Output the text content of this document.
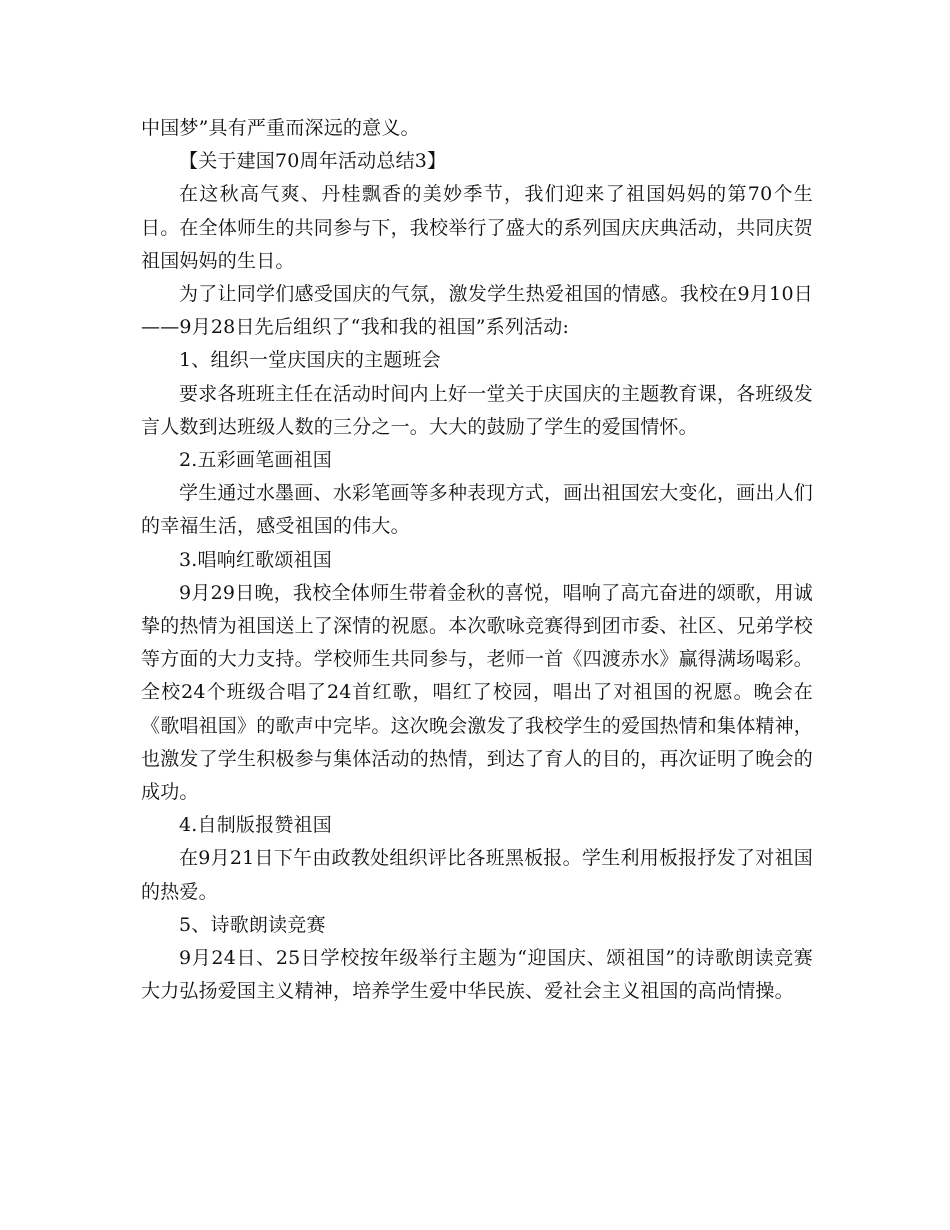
中国梦”具有严重而深远的意义。

【关于建国70周年活动总结3】

在这秋高气爽、丹桂飘香的美妙季节，我们迎来了祖国妈妈的第70个生日。在全体师生的共同参与下，我校举行了盛大的系列国庆庆典活动，共同庆贺祖国妈妈的生日。

为了让同学们感受国庆的气氛，激发学生热爱祖国的情感。我校在9月10日——9月28日先后组织了“我和我的祖国”系列活动:

1、组织一堂庆国庆的主题班会

要求各班班主任在活动时间内上好一堂关于庆国庆的主题教育课，各班级发言人数到达班级人数的三分之一。大大的鼓励了学生的爱国情怀。

2.五彩画笔画祖国

学生通过水墨画、水彩笔画等多种表现方式，画出祖国宏大变化，画出人们的幸福生活，感受祖国的伟大。

3.唱响红歌颂祖国

9月29日晚，我校全体师生带着金秋的喜悦，唱响了高亢奋进的颂歌，用诚挚的热情为祖国送上了深情的祝愿。本次歌咏竞赛得到团市委、社区、兄弟学校等方面的大力支持。学校师生共同参与，老师一首《四渡赤水》赢得满场喝彩。全校24个班级合唱了24首红歌，唱红了校园，唱出了对祖国的祝愿。晚会在《歌唱祖国》的歌声中完毕。这次晚会激发了我校学生的爱国热情和集体精神，也激发了学生积极参与集体活动的热情，到达了育人的目的，再次证明了晚会的成功。

4.自制版报赞祖国

在9月21日下午由政教处组织评比各班黑板报。学生利用板报抒发了对祖国的热爱。

5、诗歌朗读竞赛

9月24日、25日学校按年级举行主题为“迎国庆、颂祖国”的诗歌朗读竞赛大力弘扬爱国主义精神，培养学生爱中华民族、爱社会主义祖国的高尚情操。
